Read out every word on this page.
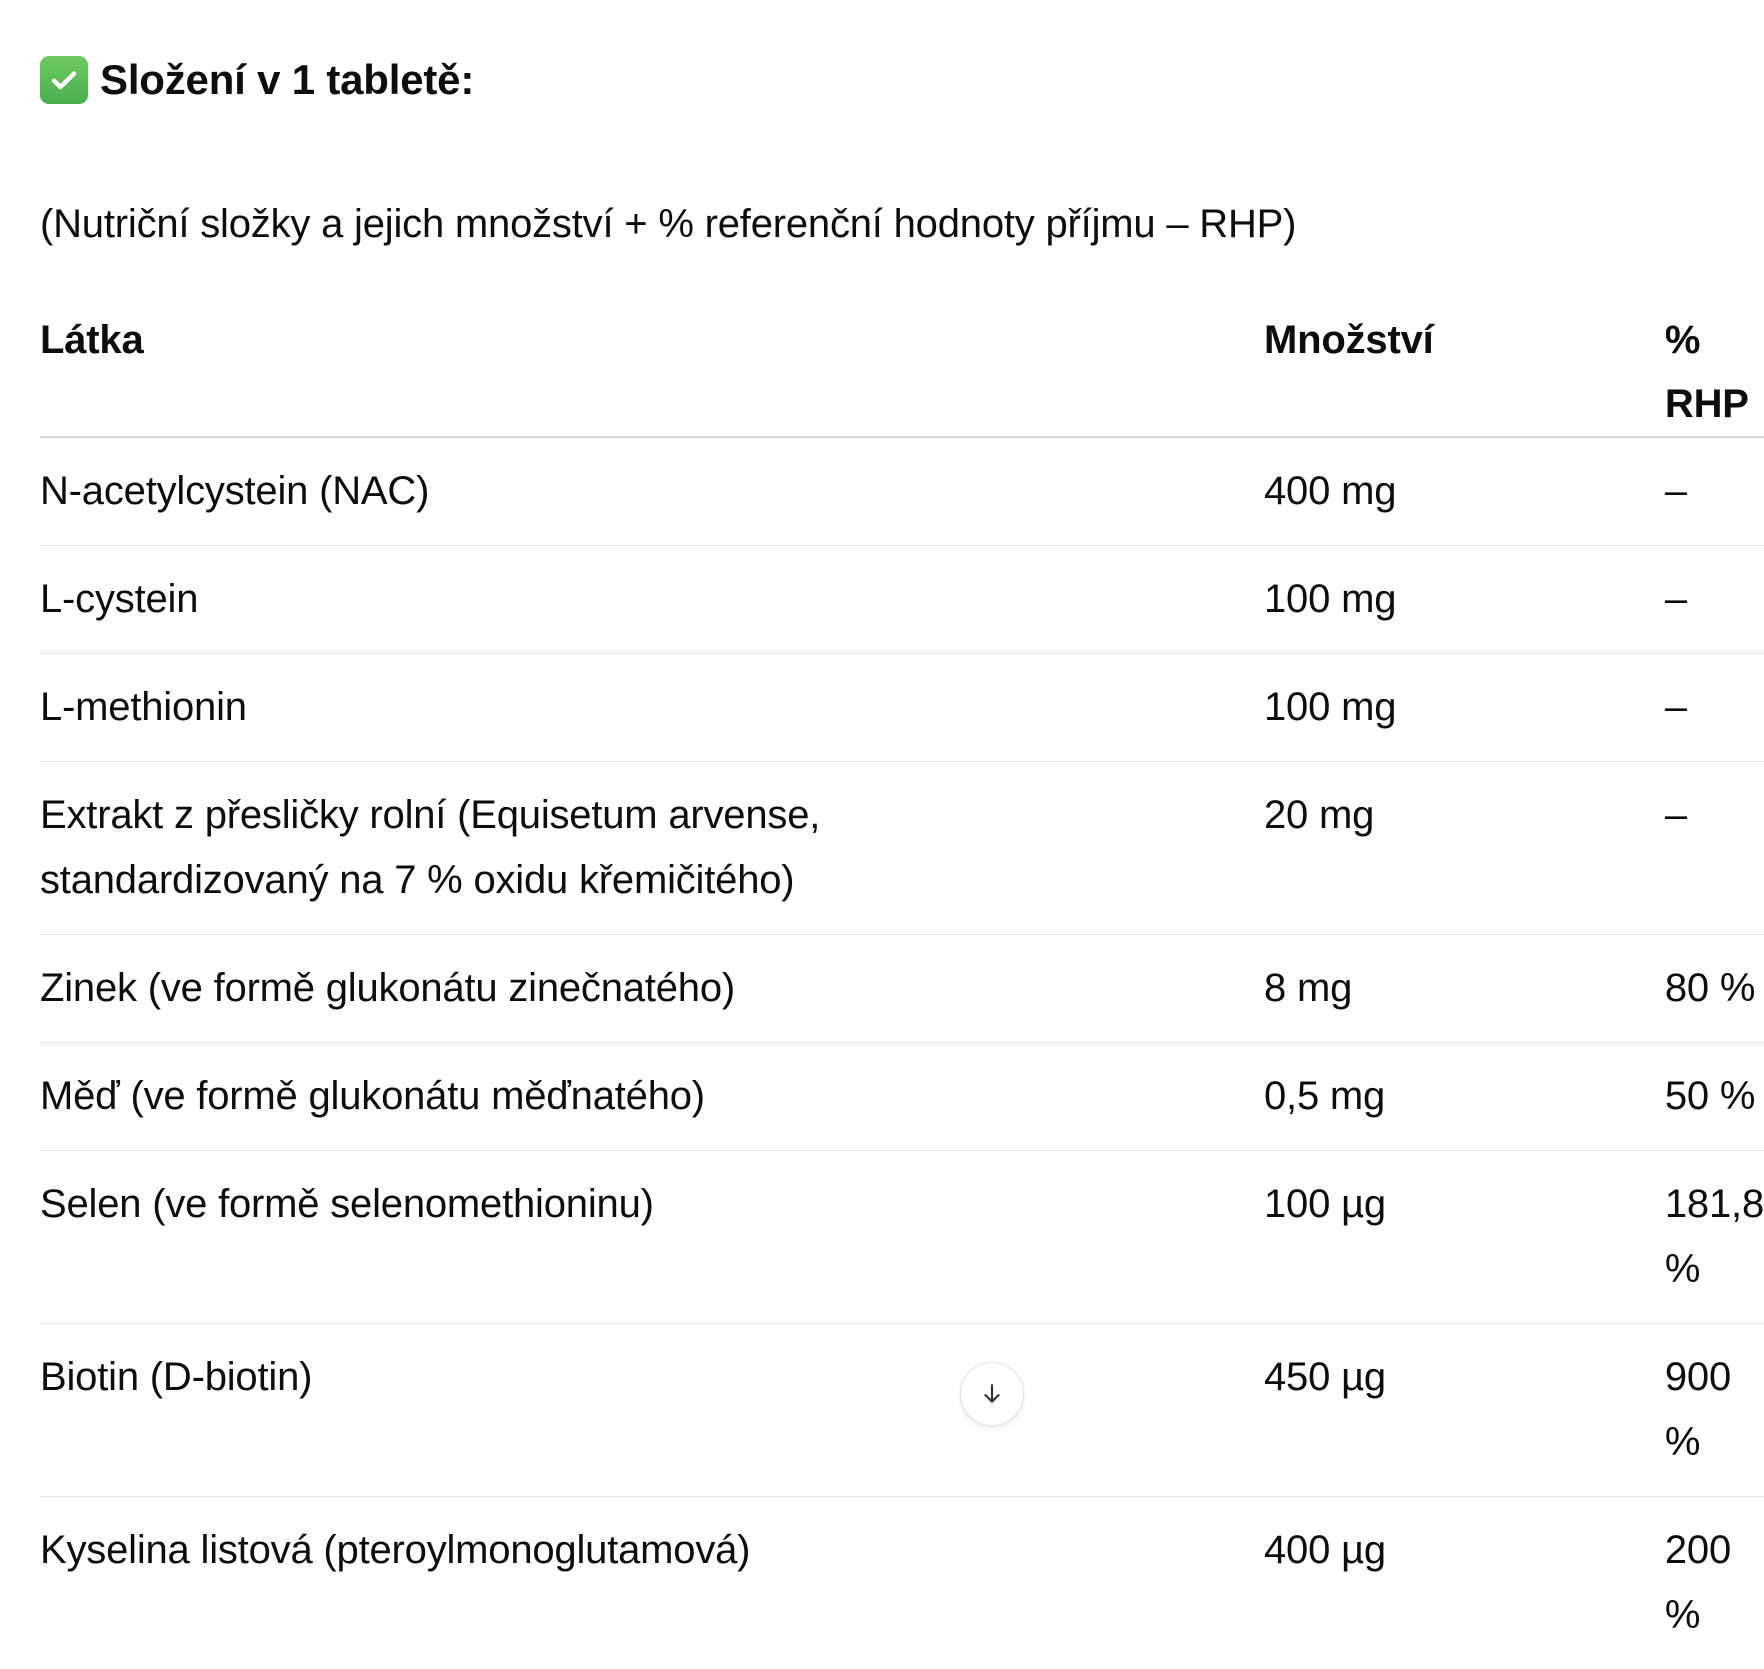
Složení v 1 tabletě:
(Nutriční složky a jejich množství + % referenční hodnoty příjmu – RHP)
Látka	Množství	% RHP
N-acetylcystein (NAC)	400 mg	–
L-cystein	100 mg	–
L-methionin	100 mg	–
Extrakt z přesličky rolní (Equisetum arvense, standardizovaný na 7 % oxidu křemičitého)	20 mg	–
Zinek (ve formě glukonátu zinečnatého)	8 mg	80 %
Měď (ve formě glukonátu měďnatého)	0,5 mg	50 %
Selen (ve formě selenomethioninu)	100 µg	181,8 %
Biotin (D-biotin)	450 µg	900 %
Kyselina listová (pteroylmonoglutamová)	400 µg	200 %
